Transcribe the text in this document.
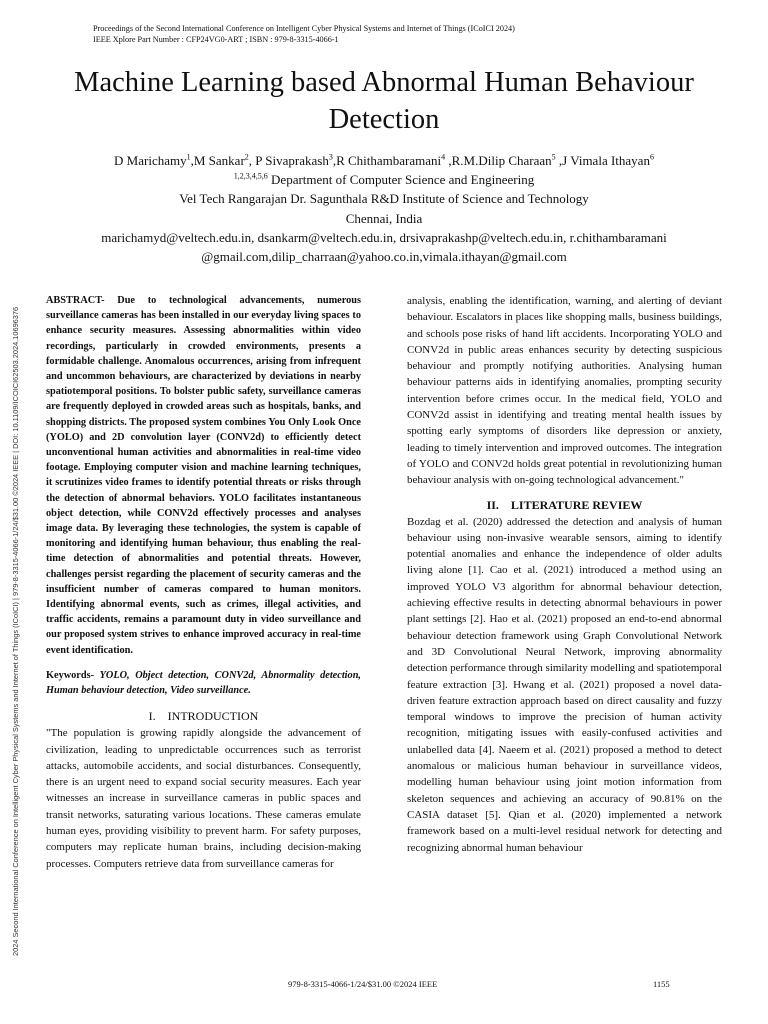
Proceedings of the Second International Conference on Intelligent Cyber Physical Systems and Internet of Things (ICoICI 2024)
IEEE Xplore Part Number : CFP24VG0-ART ; ISBN : 979-8-3315-4066-1
2024 Second International Conference on Intelligent Cyber Physical Systems and Internet of Things (ICoICI) | 979-8-3315-4066-1/24/$31.00 ©2024 IEEE | DOI: 10.1109/ICOICI62503.2024.10696376
Machine Learning based Abnormal Human Behaviour Detection
D Marichamy$^1$,M Sankar$^2$, P Sivaprakash$^3$,R Chithambaramani$^4$ ,R.M.Dilip Charaan$^5$ ,J Vimala Ithayan$^6$
$^{1,2,3,4,5,6}$ Department of Computer Science and Engineering
Vel Tech Rangarajan Dr. Sagunthala R&D Institute of Science and Technology
Chennai, India
marichamyd@veltech.edu.in, dsankarm@veltech.edu.in, drsivaprakashp@veltech.edu.in, r.chithambaramani
@gmail.com,dilip_charraan@yahoo.co.in,vimala.ithayan@gmail.com

ABSTRACT- Due to technological advancements, numerous surveillance cameras has been installed in our everyday living spaces to enhance security measures. Assessing abnormalities within video recordings, particularly in crowded environments, presents a formidable challenge. Anomalous occurrences, arising from infrequent and uncommon behaviours, are characterized by deviations in nearby spatiotemporal positions. To bolster public safety, surveillance cameras are frequently deployed in crowded areas such as hospitals, banks, and shopping districts. The proposed system combines You Only Look Once (YOLO) and 2D convolution layer (CONV2d) to efficiently detect unconventional human activities and abnormalities in real-time video footage. Employing computer vision and machine learning techniques, it scrutinizes video frames to identify potential threats or risks through the detection of abnormal behaviors. YOLO facilitates instantaneous object detection, while CONV2d effectively processes and analyses image data. By leveraging these technologies, the system is capable of monitoring and identifying human behaviour, thus enabling the real-time detection of abnormalities and potential threats. However, challenges persist regarding the placement of security cameras and the insufficient number of cameras compared to human monitors. Identifying abnormal events, such as crimes, illegal activities, and traffic accidents, remains a paramount duty in video surveillance and our proposed system strives to enhance improved accuracy in real-time event identification.

Keywords- YOLO, Object detection, CONV2d, Abnormality detection, Human behaviour detection, Video surveillance.

I. INTRODUCTION

"The population is growing rapidly alongside the advancement of civilization, leading to unpredictable occurrences such as terrorist attacks, automobile accidents, and social disturbances. Consequently, there is an urgent need to expand social security measures. Each year witnesses an increase in surveillance cameras in public spaces and transit networks, saturating various locations. These cameras emulate human eyes, providing visibility to prevent harm. For safety purposes, computers may replicate human brains, including decision-making processes. Computers retrieve data from surveillance cameras for

analysis, enabling the identification, warning, and alerting of deviant behaviour. Escalators in places like shopping malls, business buildings, and schools pose risks of hand lift accidents. Incorporating YOLO and CONV2d in public areas enhances security by detecting suspicious behaviour and promptly notifying authorities. Analysing human behaviour patterns aids in identifying anomalies, prompting security intervention before crimes occur. In the medical field, YOLO and CONV2d assist in identifying and treating mental health issues by spotting early symptoms of disorders like depression or anxiety, leading to timely intervention and improved outcomes. The integration of YOLO and CONV2d holds great potential in revolutionizing human behaviour analysis with on-going technological advancement."

II. LITERATURE REVIEW

Bozdag et al. (2020) addressed the detection and analysis of human behaviour using non-invasive wearable sensors, aiming to identify potential anomalies and enhance the independence of older adults living alone [1]. Cao et al. (2021) introduced a method using an improved YOLO V3 algorithm for abnormal behaviour detection, achieving effective results in detecting abnormal behaviours in power plant settings [2]. Hao et al. (2021) proposed an end-to-end abnormal behaviour detection framework using Graph Convolutional Network and 3D Convolutional Neural Network, improving abnormality detection performance through similarity modelling and spatiotemporal feature extraction [3]. Hwang et al. (2021) proposed a novel data-driven feature extraction approach based on direct causality and fuzzy temporal windows to improve the precision of human activity recognition, mitigating issues with easily-confused activities and unlabelled data [4]. Naeem et al. (2021) proposed a method to detect anomalous or malicious human behaviour in surveillance videos, modelling human behaviour using joint motion information from skeleton sequences and achieving an accuracy of 90.81% on the CASIA dataset [5]. Qian et al. (2020) implemented a network framework based on a multi-level residual network for detecting and recognizing abnormal human behaviour

979-8-3315-4066-1/24/$31.00 ©2024 IEEE	1155
